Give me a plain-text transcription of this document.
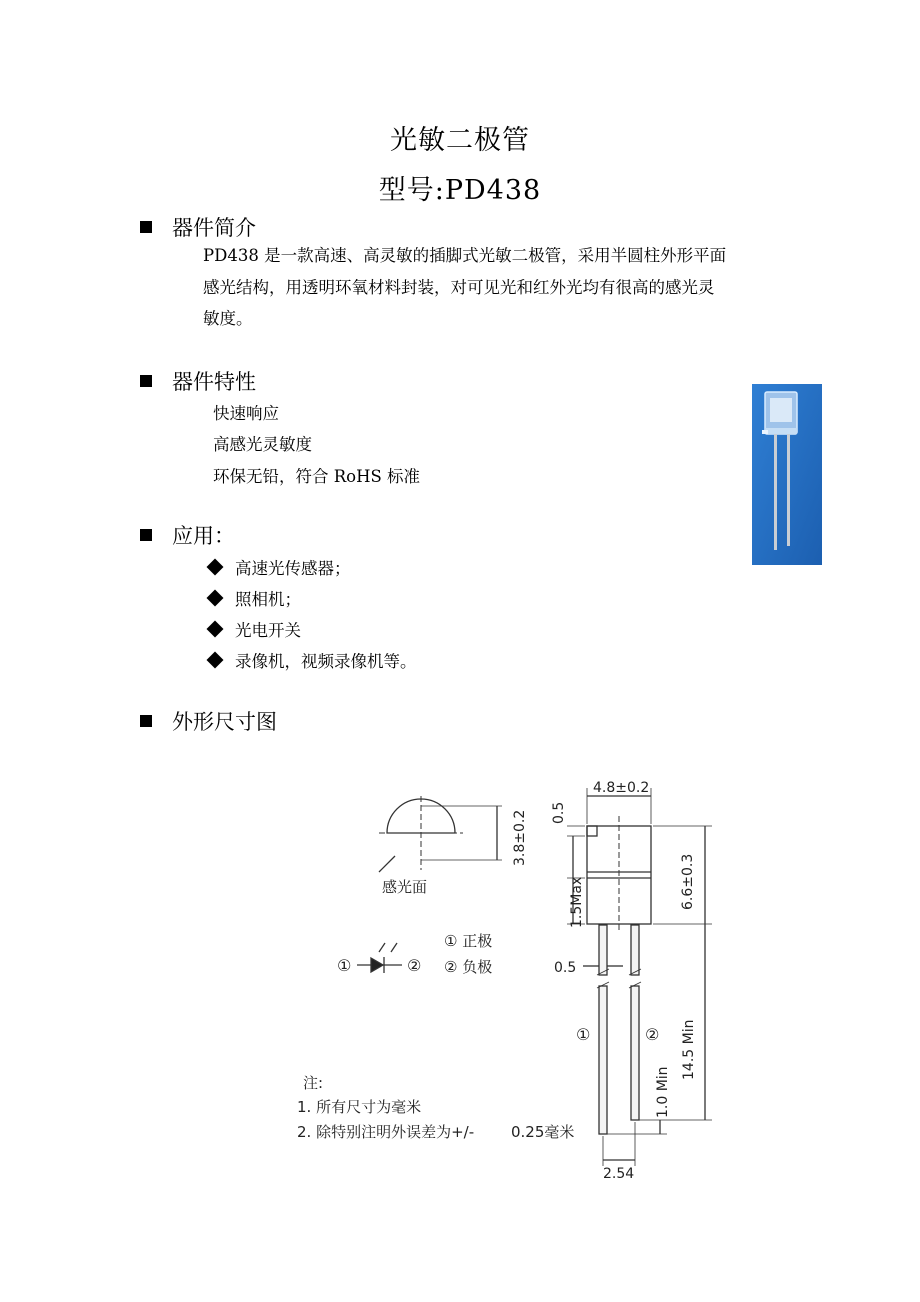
光敏二极管
型号:PD438
器件简介
PD438 是一款高速、高灵敏的插脚式光敏二极管，采用半圆柱外形平面
感光结构，用透明环氧材料封装，对可见光和红外光均有很高的感光灵
敏度。
器件特性
快速响应
高感光灵敏度
环保无铅，符合 RoHS 标准
应用：
高速光传感器；
照相机；
光电开关
录像机，视频录像机等。
外形尺寸图
感光面
①	②
① 正极
② 负极
4.8±0.2
0.5
3.8±0.2
1.5Max	6.6±0.3
0.5
14.5 Min
1.0 Min
2.54
①	②
注:
1. 所有尺寸为毫米
2. 除特别注明外误差为+/- 0.25毫米
